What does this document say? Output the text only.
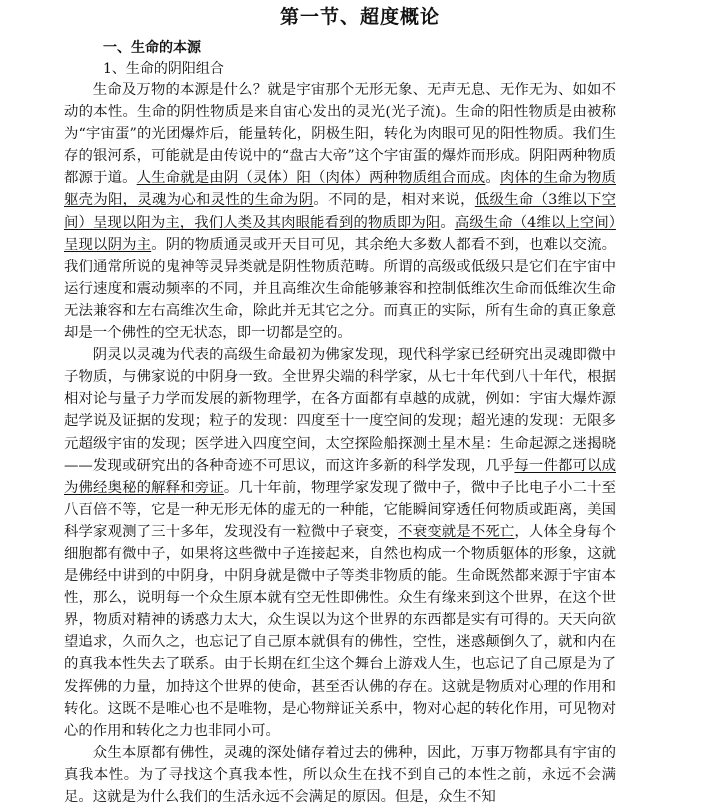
第一节、超度概论
一、生命的本源
1、生命的阴阳组合

生命及万物的本源是什么？就是宇宙那个无形无象、无声无息、无作无为、如如不动的本性。生命的阴性物质是来自宙心发出的灵光(光子流)。生命的阳性物质是由被称为“宇宙蛋”的光团爆炸后，能量转化，阴极生阳，转化为肉眼可见的阳性物质。我们生存的银河系，可能就是由传说中的“盘古大帝”这个宇宙蛋的爆炸而形成。阴阳两种物质都源于道。人生命就是由阴（灵体）阳（肉体）两种物质组合而成。肉体的生命为物质躯壳为阳，灵魂为心和灵性的生命为阴。不同的是，相对来说，低级生命（3维以下空间）呈现以阳为主，我们人类及其肉眼能看到的物质即为阳。高级生命（4维以上空间）呈现以阴为主。阴的物质通灵或开天目可见，其余绝大多数人都看不到，也难以交流。我们通常所说的鬼神等灵异类就是阴性物质范畴。所谓的高级或低级只是它们在宇宙中运行速度和震动频率的不同，并且高维次生命能够兼容和控制低维次生命而低维次生命无法兼容和左右高维次生命，除此并无其它之分。而真正的实际，所有生命的真正象意却是一个佛性的空无状态，即一切都是空的。

阴灵以灵魂为代表的高级生命最初为佛家发现，现代科学家已经研究出灵魂即微中子物质，与佛家说的中阴身一致。全世界尖端的科学家，从七十年代到八十年代，根据相对论与量子力学而发展的新物理学，在各方面都有卓越的成就，例如：宇宙大爆炸源起学说及证据的发现；粒子的发现：四度至十一度空间的发现；超光速的发现：无限多元超级宇宙的发现；医学进入四度空间，太空探险船探测土星木星：生命起源之迷揭晓——发现或研究出的各种奇迹不可思议，而这许多新的科学发现，几乎每一件都可以成为佛经奥秘的解释和旁证。几十年前，物理学家发现了微中子，微中子比电子小二十至八百倍不等，它是一种无形无体的虚无的一种能，它能瞬间穿透任何物质或距离，美国科学家观测了三十多年，发现没有一粒微中子衰变，不衰变就是不死亡，人体全身每个细胞都有微中子，如果将这些微中子连接起来，自然也构成一个物质躯体的形象，这就是佛经中讲到的中阴身，中阴身就是微中子等类非物质的能。生命既然都来源于宇宙本性，那么，说明每一个众生原本就有空无性即佛性。众生有缘来到这个世界，在这个世界，物质对精神的诱惑力太大，众生误以为这个世界的东西都是实有可得的。天天向欲望追求，久而久之，也忘记了自己原本就俱有的佛性，空性，迷惑颠倒久了，就和内在的真我本性失去了联系。由于长期在红尘这个舞台上游戏人生，也忘记了自己原是为了发挥佛的力量，加持这个世界的使命，甚至否认佛的存在。这就是物质对心理的作用和转化。这既不是唯心也不是唯物，是心物辩证关系中，物对心起的转化作用，可见物对心的作用和转化之力也非同小可。

众生本原都有佛性，灵魂的深处储存着过去的佛种，因此，万事万物都具有宇宙的真我本性。为了寻找这个真我本性，所以众生在找不到自己的本性之前，永远不会满足。这就是为什么我们的生活永远不会满足的原因。但是，众生不知
